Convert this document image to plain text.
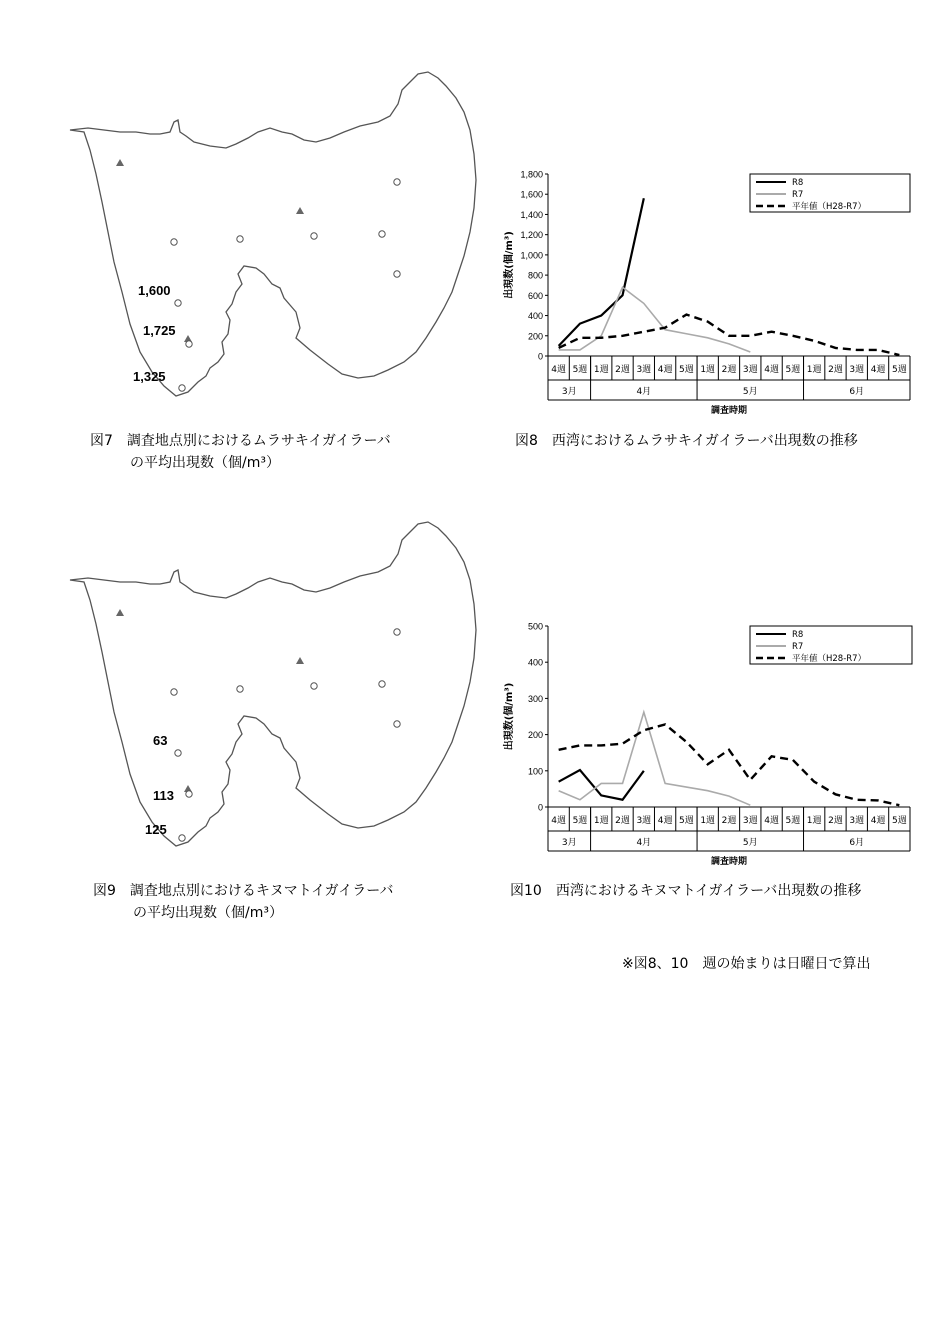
1,600
1,725
1,325
図7　調査地点別におけるムラサキイガイラーバ
の平均出現数（個/m³）
0
200
400
600
800
1,000
1,200
1,400
1,600
1,800
出現数(個/m³)
4週 5週 1週 2週 3週 4週 5週 1週 2週 3週 4週 5週 1週 2週 3週 4週 5週
3月	4月	5月	6月
調査時期
R8
R7
平年値（H28-R7）
図8　西湾におけるムラサキイガイラーバ出現数の推移
63
113
125
図9　調査地点別におけるキヌマトイガイラーバ
の平均出現数（個/m³）
0
100
200
300
400
500
出現数(個/m³)
4週 5週 1週 2週 3週 4週 5週 1週 2週 3週 4週 5週 1週 2週 3週 4週 5週
3月	4月	5月	6月
調査時期
R8
R7
平年値（H28-R7）
図10　西湾におけるキヌマトイガイラーバ出現数の推移
※図8、10　週の始まりは日曜日で算出
